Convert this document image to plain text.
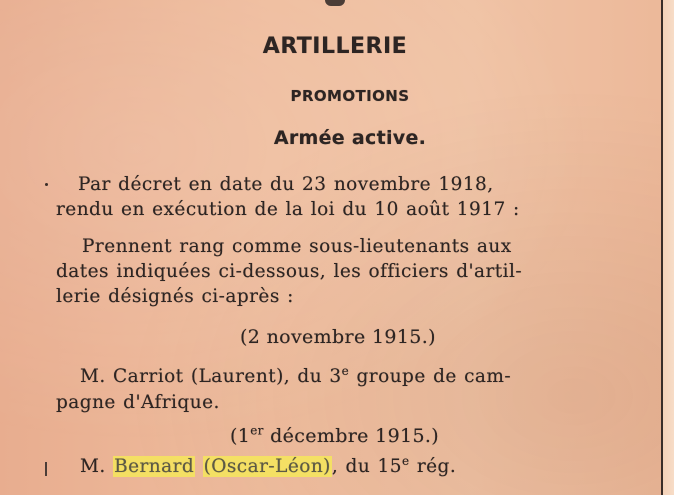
ARTILLERIE
PROMOTIONS
Armée active.
Par décret en date du 23 novembre 1918,
rendu en exécution de la loi du 10 août 1917 :
Prennent rang comme sous-lieutenants aux
dates indiquées ci-dessous, les officiers d'artil-
lerie désignés ci-après :
(2 novembre 1915.)
M. Carriot (Laurent), du 3e groupe de cam-
pagne d'Afrique.
(1er décembre 1915.)
M. Bernard (Oscar-Léon), du 15e rég.
